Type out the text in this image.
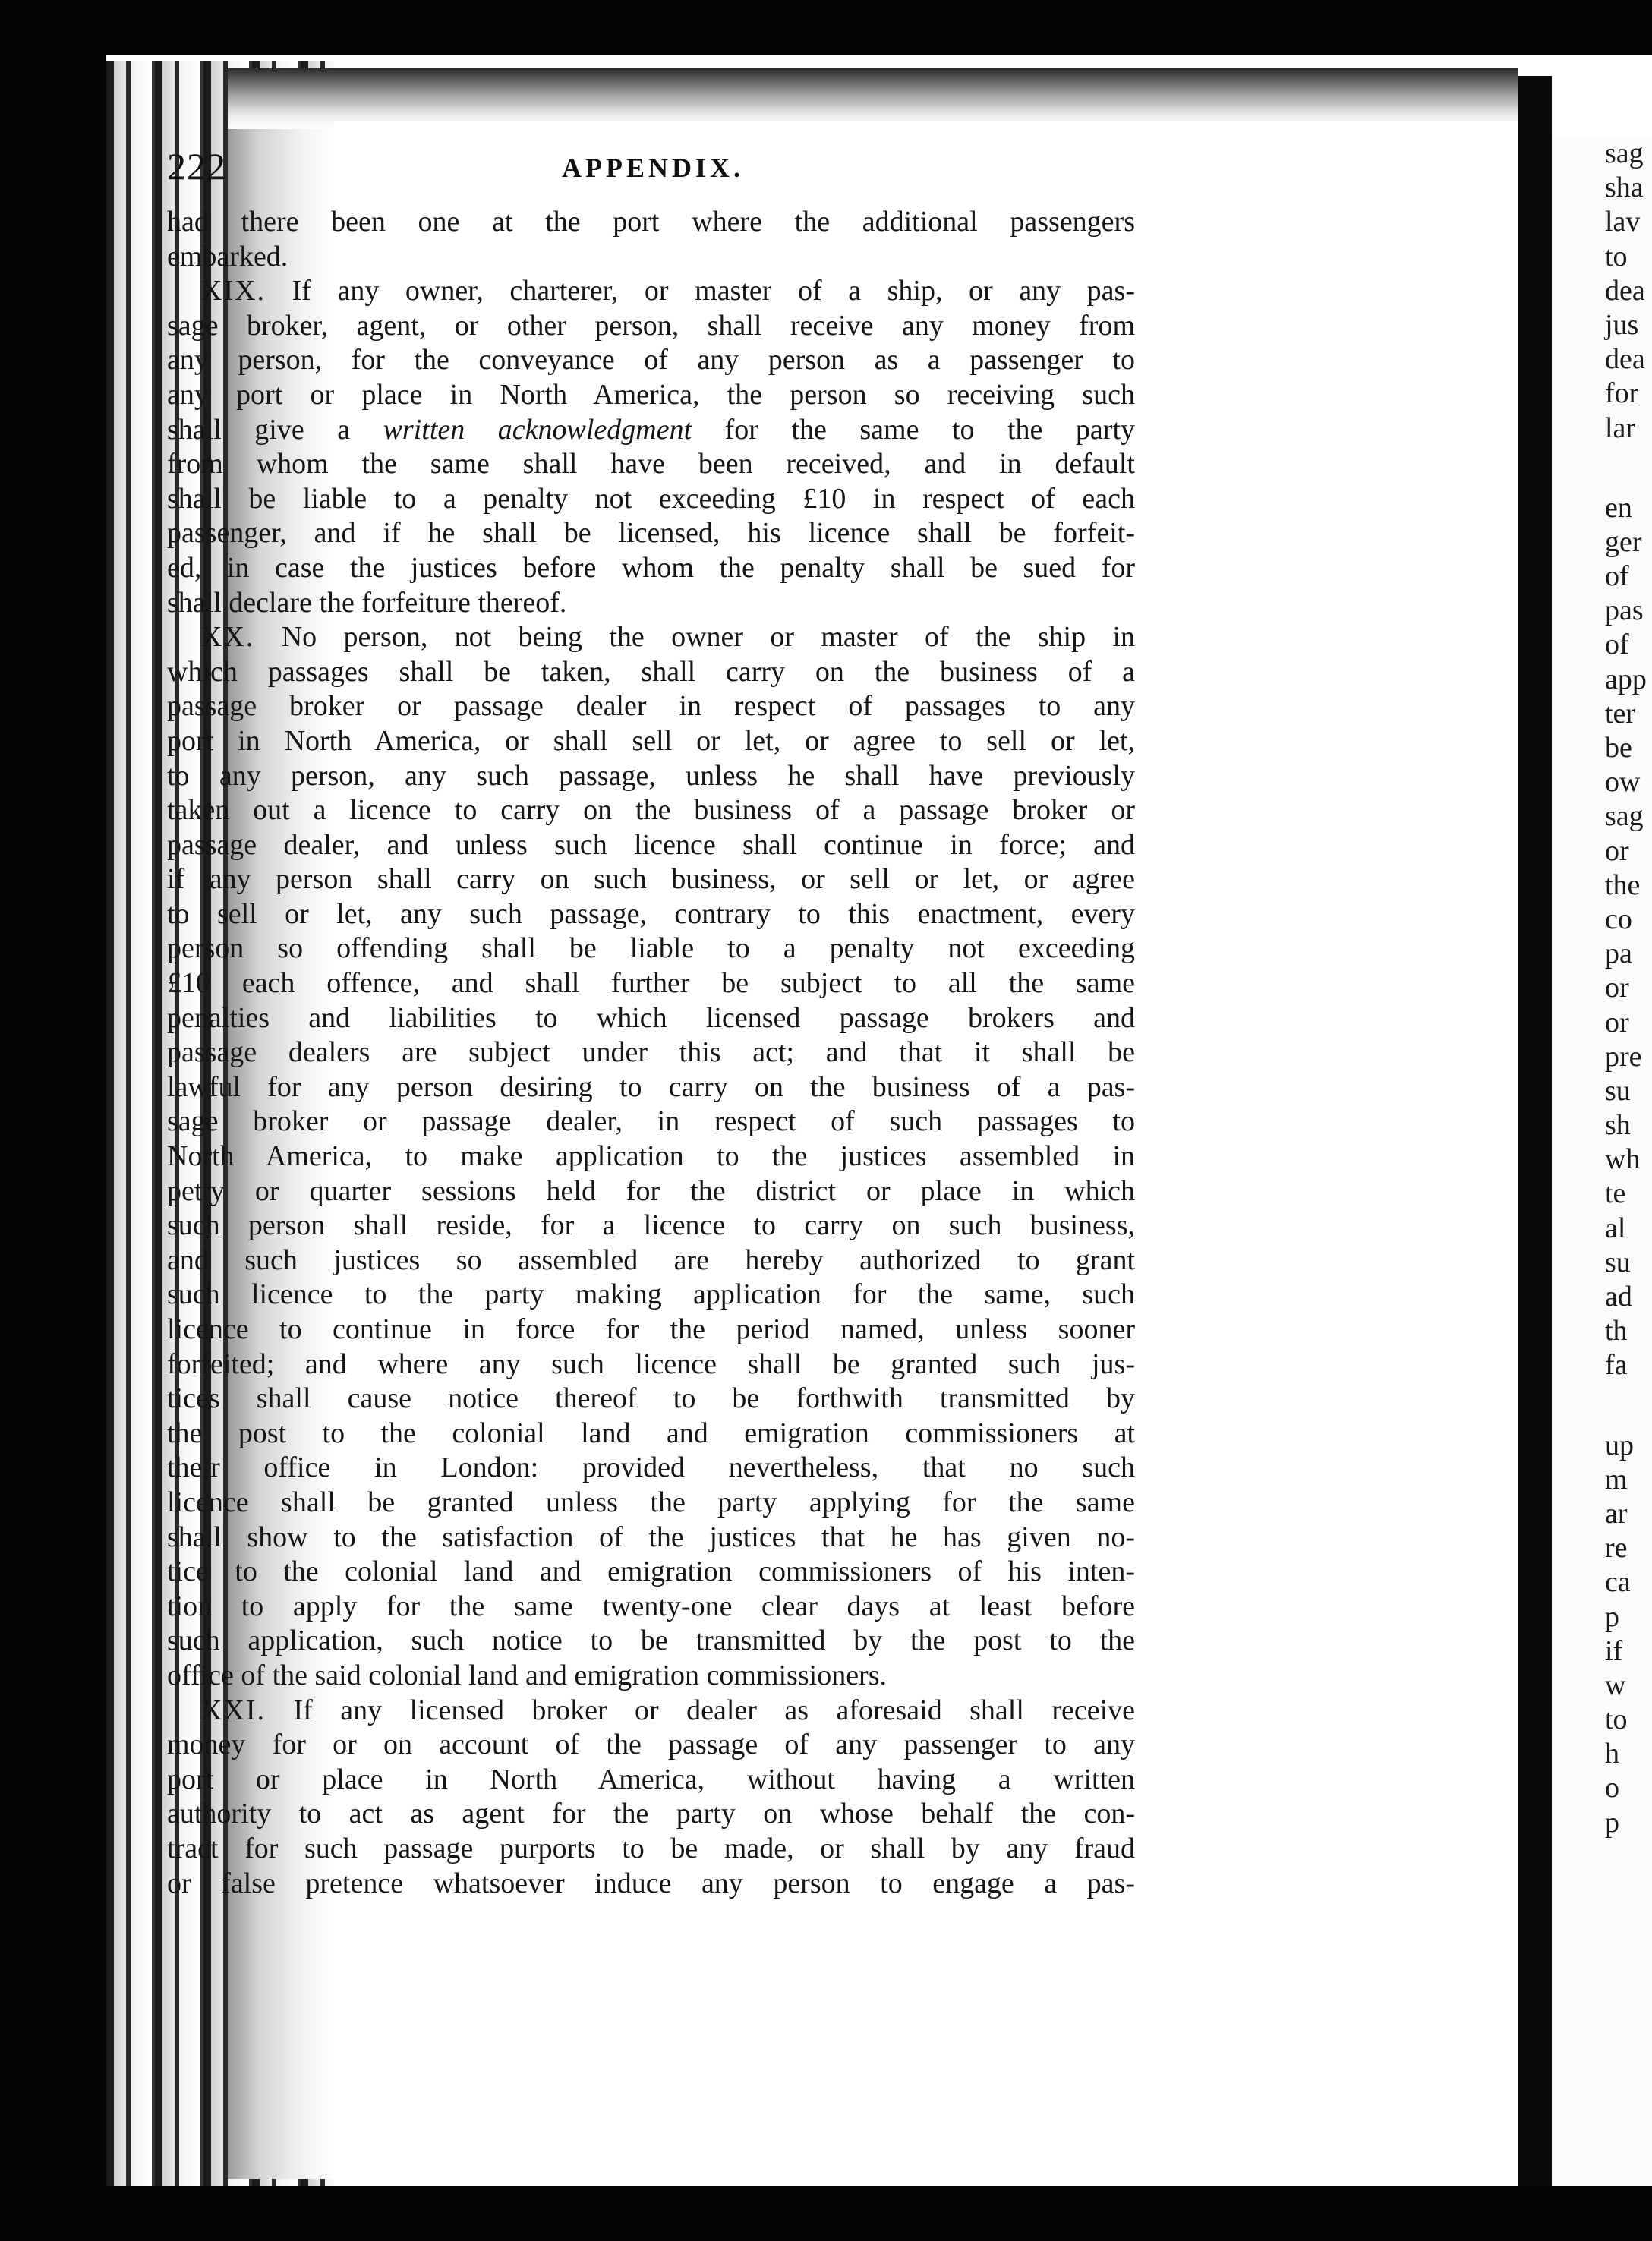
222	APPENDIX.
had there been one at the port where the additional passengers
embarked.
XIX. If any owner, charterer, or master of a ship, or any pas-
sage broker, agent, or other person, shall receive any money from
any person, for the conveyance of any person as a passenger to
any port or place in North America, the person so receiving such
shall give a written acknowledgment for the same to the party
from whom the same shall have been received, and in default
shall be liable to a penalty not exceeding £10 in respect of each
passenger, and if he shall be licensed, his licence shall be forfeit-
ed, in case the justices before whom the penalty shall be sued for
shall declare the forfeiture thereof.
XX. No person, not being the owner or master of the ship in
which passages shall be taken, shall carry on the business of a
passage broker or passage dealer in respect of passages to any
port in North America, or shall sell or let, or agree to sell or let,
to any person, any such passage, unless he shall have previously
taken out a licence to carry on the business of a passage broker or
passage dealer, and unless such licence shall continue in force; and
if any person shall carry on such business, or sell or let, or agree
to sell or let, any such passage, contrary to this enactment, every
person so offending shall be liable to a penalty not exceeding
£10 each offence, and shall further be subject to all the same
penalties and liabilities to which licensed passage brokers and
passage dealers are subject under this act; and that it shall be
lawful for any person desiring to carry on the business of a pas-
sage broker or passage dealer, in respect of such passages to
North America, to make application to the justices assembled in
petty or quarter sessions held for the district or place in which
such person shall reside, for a licence to carry on such business,
and such justices so assembled are hereby authorized to grant
such licence to the party making application for the same, such
licence to continue in force for the period named, unless sooner
forfeited; and where any such licence shall be granted such jus-
tices shall cause notice thereof to be forthwith transmitted by
the post to the colonial land and emigration commissioners at
their office in London: provided nevertheless, that no such
licence shall be granted unless the party applying for the same
shall show to the satisfaction of the justices that he has given no-
tice to the colonial land and emigration commissioners of his inten-
tion to apply for the same twenty-one clear days at least before
such application, such notice to be transmitted by the post to the
office of the said colonial land and emigration commissioners.
XXI. If any licensed broker or dealer as aforesaid shall receive
money for or on account of the passage of any passenger to any
port or place in North America, without having a written
authority to act as agent for the party on whose behalf the con-
tract for such passage purports to be made, or shall by any fraud
or false pretence whatsoever induce any person to engage a pas-
sag
sha
lav
to
dea
jus
dea
for
lar
en
ger
of
pas
of
app
ter
be
ow
sag
or
the
co
pa
or
or
pre
su
sh
wh
te
al
su
ad
th
fa
up
m
ar
re
ca
p
if
w
to
h
o
p
